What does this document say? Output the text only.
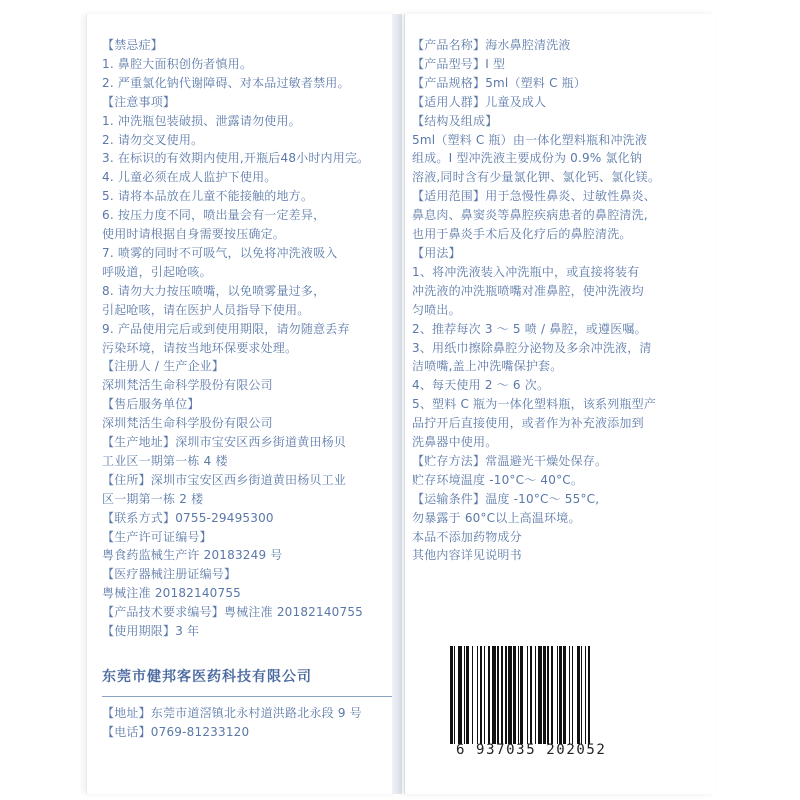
【禁忌症】
1. 鼻腔大面积创伤者慎用。
2. 严重氯化钠代谢障碍、对本品过敏者禁用。
【注意事项】
1. 冲洗瓶包装破损、泄露请勿使用。
2. 请勿交叉使用。
3. 在标识的有效期内使用,开瓶后48小时内用完。
4. 儿童必须在成人监护下使用。
5. 请将本品放在儿童不能接触的地方。
6. 按压力度不同，喷出量会有一定差异，
使用时请根据自身需要按压确定。
7. 喷雾的同时不可吸气，以免将冲洗液吸入
呼吸道，引起呛咳。
8. 请勿大力按压喷嘴，以免喷雾量过多，
引起呛咳，请在医护人员指导下使用。
9. 产品使用完后或到使用期限，请勿随意丢弃
污染环境，请按当地环保要求处理。
【注册人 / 生产企业】
深圳梵活生命科学股份有限公司
【售后服务单位】
深圳梵活生命科学股份有限公司
【生产地址】深圳市宝安区西乡街道黄田杨贝
工业区一期第一栋 4 楼
【住所】深圳市宝安区西乡街道黄田杨贝工业
区一期第一栋 2 楼
【联系方式】0755-29495300
【生产许可证编号】
粤食药监械生产许 20183249 号
【医疗器械注册证编号】
粤械注准 20182140755
【产品技术要求编号】粤械注准 20182140755
【使用期限】3 年
东莞市健邦客医药科技有限公司
【地址】东莞市道滘镇北永村道洪路北永段 9 号
【电话】0769-81233120
【产品名称】海水鼻腔清洗液
【产品型号】I 型
【产品规格】5ml（塑料 C 瓶）
【适用人群】儿童及成人
【结构及组成】
5ml（塑料 C 瓶）由一体化塑料瓶和冲洗液
组成。I 型冲洗液主要成份为 0.9% 氯化钠
溶液,同时含有少量氯化钾、氯化钙、氯化镁。
【适用范围】用于急慢性鼻炎、过敏性鼻炎、
鼻息肉、鼻窦炎等鼻腔疾病患者的鼻腔清洗,
也用于鼻炎手术后及化疗后的鼻腔清洗。
【用法】
1、将冲洗液装入冲洗瓶中，或直接将装有
冲洗液的冲洗瓶喷嘴对准鼻腔，使冲洗液均
匀喷出。
2、推荐每次 3 ～ 5 喷 / 鼻腔，或遵医嘱。
3、用纸巾擦除鼻腔分泌物及多余冲洗液，清
洁喷嘴,盖上冲洗嘴保护套。
4、每天使用 2 ～ 6 次。
5、塑料 C 瓶为一体化塑料瓶，该系列瓶型产
品拧开后直接使用，或者作为补充液添加到
洗鼻器中使用。
【贮存方法】常温避光干燥处保存。
贮存环境温度 -10°C～ 40°C。
【运输条件】温度 -10°C～ 55°C,
勿暴露于 60°C以上高温环境。
本品不添加药物成分
其他内容详见说明书
6 937035 202052
